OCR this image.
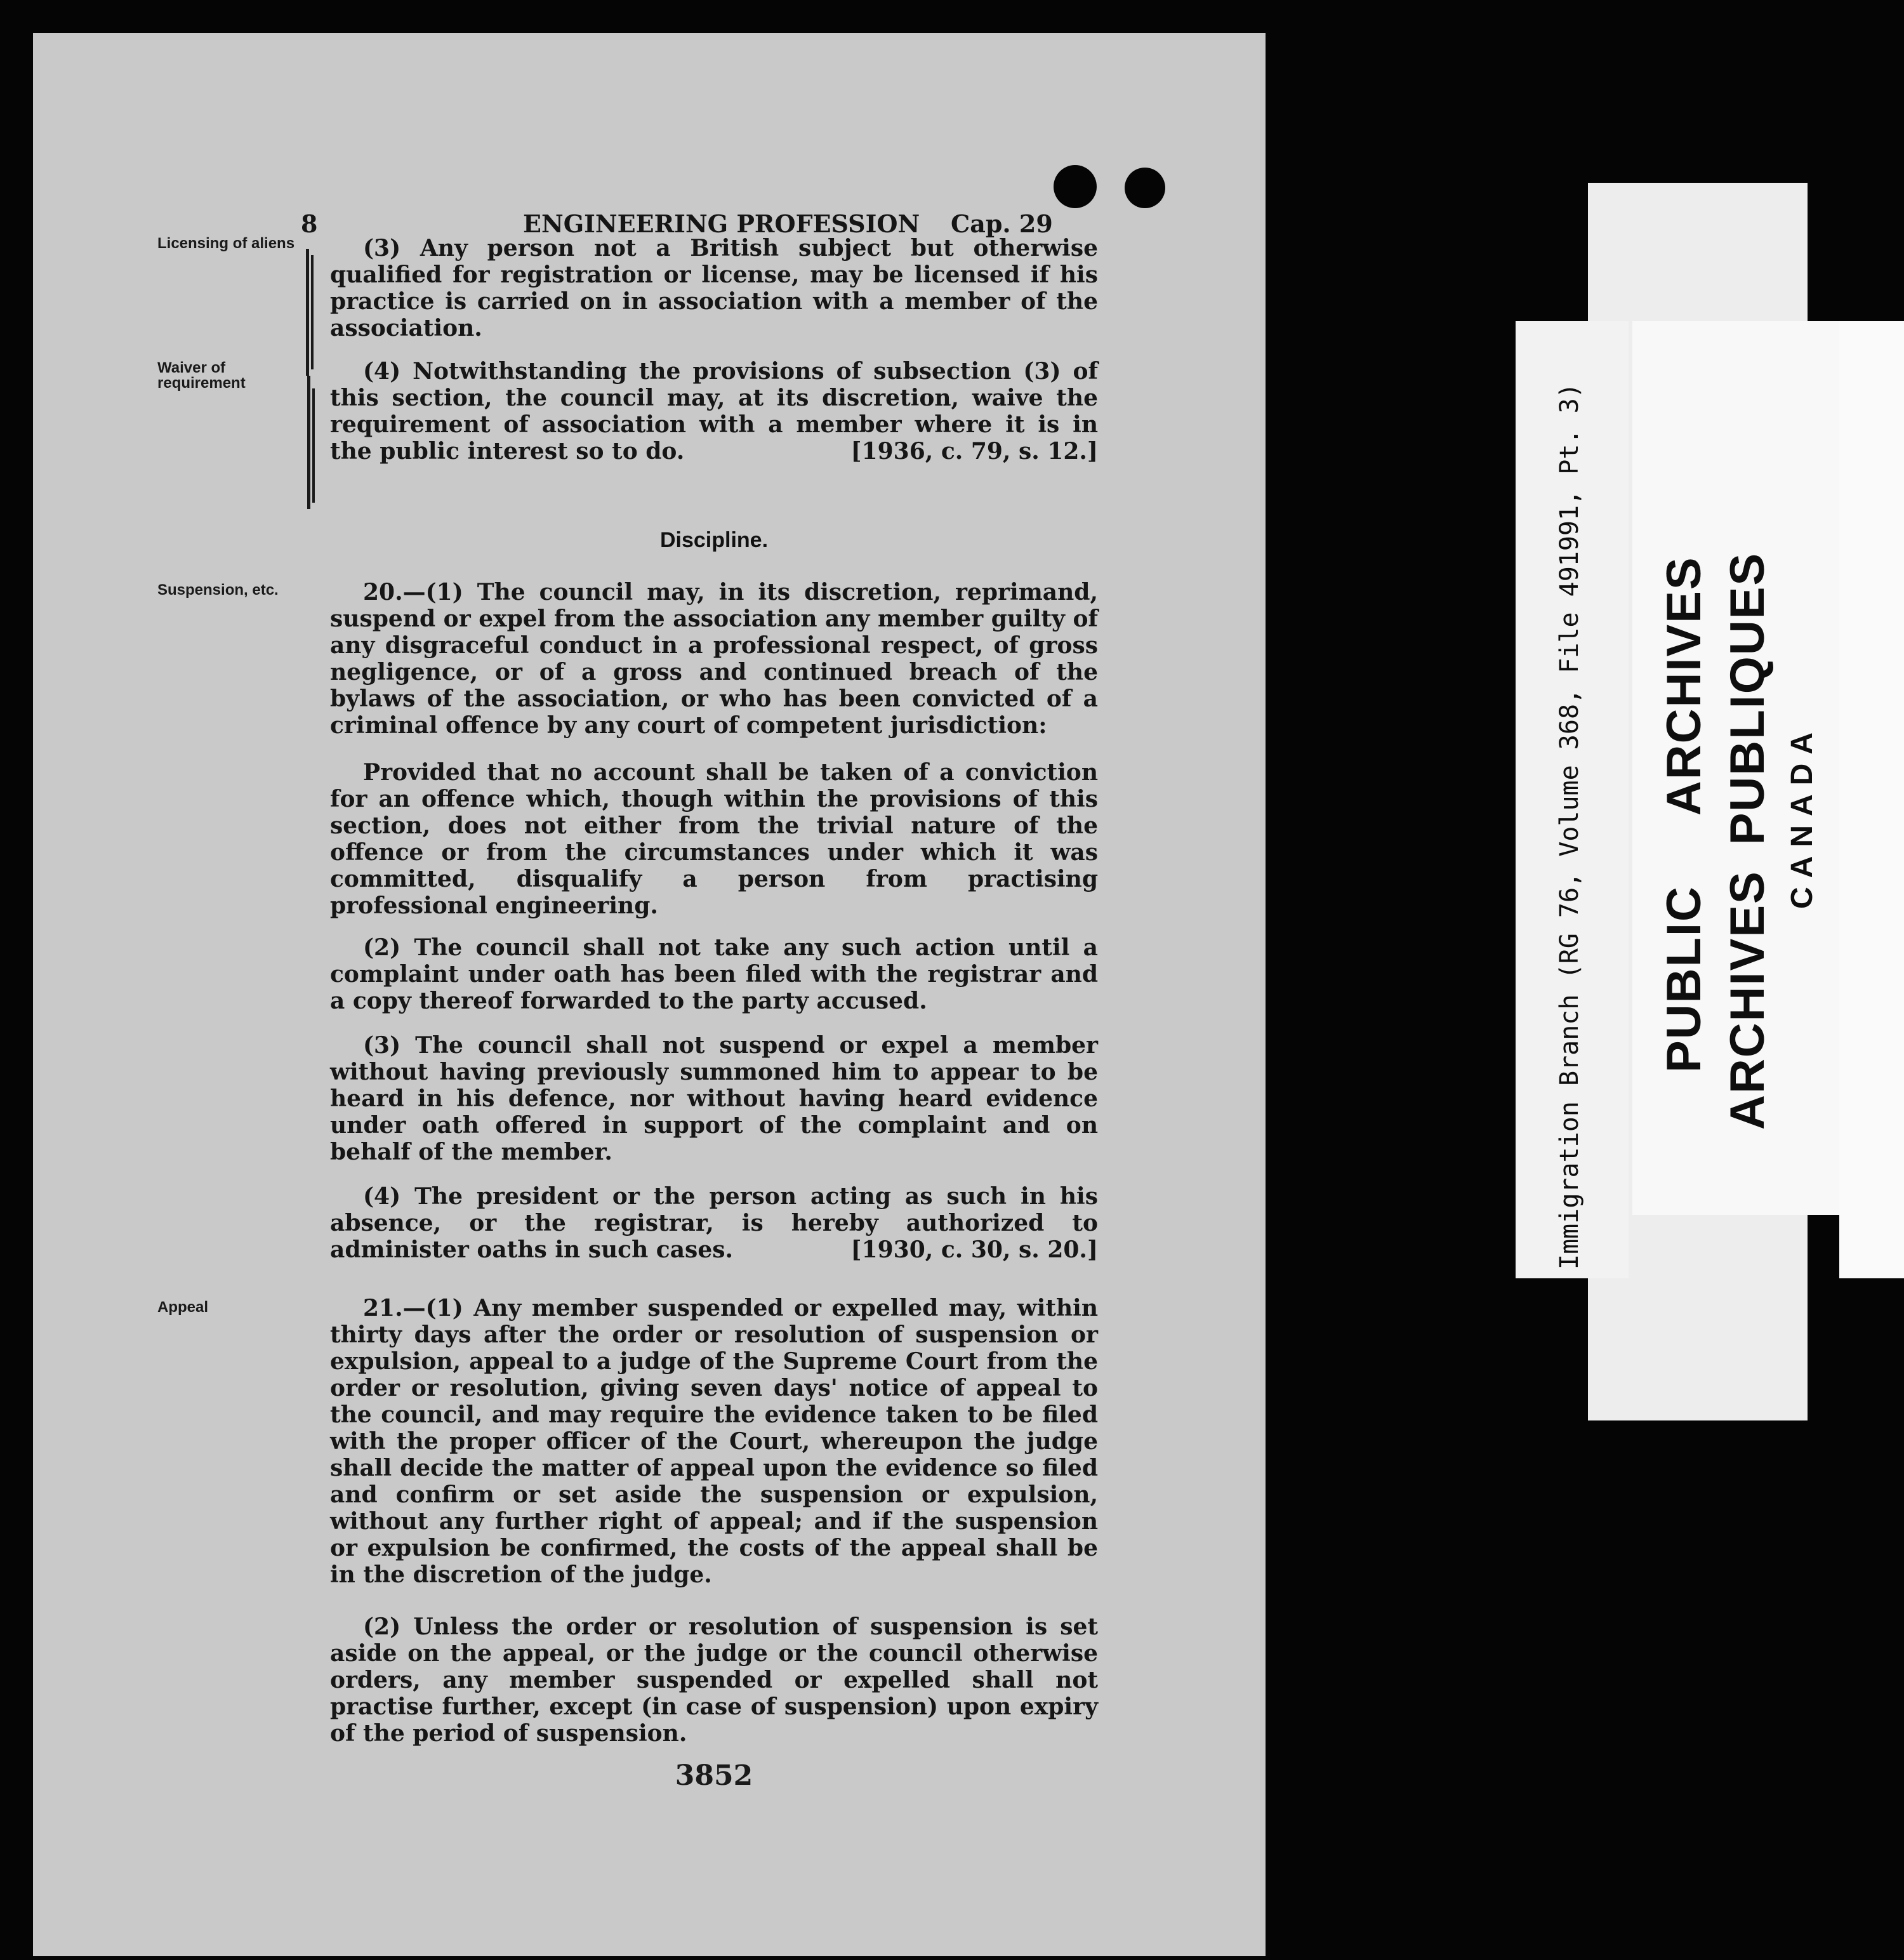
8	ENGINEERING PROFESSION Cap. 29
Licensing of aliens	(3) Any person not a British subject but otherwise qualified for registration or license, may be licensed if his practice is carried on in association with a member of the association.

Waiver of requirement	(4) Notwithstanding the provisions of subsection (3) of this section, the council may, at its discretion, waive the requirement of association with a member where it is in the public interest so to do.	[1936, c. 79, s. 12.]

Discipline.
Suspension, etc.	20.—(1) The council may, in its discretion, reprimand, suspend or expel from the association any member guilty of any disgraceful conduct in a professional respect, of gross negligence, or of a gross and continued breach of the bylaws of the association, or who has been convicted of a criminal offence by any court of competent jurisdiction:

Provided that no account shall be taken of a conviction for an offence which, though within the provisions of this section, does not either from the trivial nature of the offence or from the circumstances under which it was committed, disqualify a person from practising professional engineering.

(2) The council shall not take any such action until a complaint under oath has been filed with the registrar and a copy thereof forwarded to the party accused.

(3) The council shall not suspend or expel a member without having previously summoned him to appear to be heard in his defence, nor without having heard evidence under oath offered in support of the complaint and on behalf of the member.

(4) The president or the person acting as such in his absence, or the registrar, is hereby authorized to administer oaths in such cases.	[1930, c. 30, s. 20.]

Appeal	21.—(1) Any member suspended or expelled may, within thirty days after the order or resolution of suspension or expulsion, appeal to a judge of the Supreme Court from the order or resolution, giving seven days' notice of appeal to the council, and may require the evidence taken to be filed with the proper officer of the Court, whereupon the judge shall decide the matter of appeal upon the evidence so filed and confirm or set aside the suspension or expulsion, without any further right of appeal; and if the suspension or expulsion be confirmed, the costs of the appeal shall be in the discretion of the judge.

(2) Unless the order or resolution of suspension is set aside on the appeal, or the judge or the council otherwise orders, any member suspended or expelled shall not practise further, except (in case of suspension) upon expiry of the period of suspension.

3852
Immigration Branch (RG 76, Volume 368, File 491991, Pt. 3) PUBLICARCHIVES
ARCHIVESPUBLIQUES CANADA
